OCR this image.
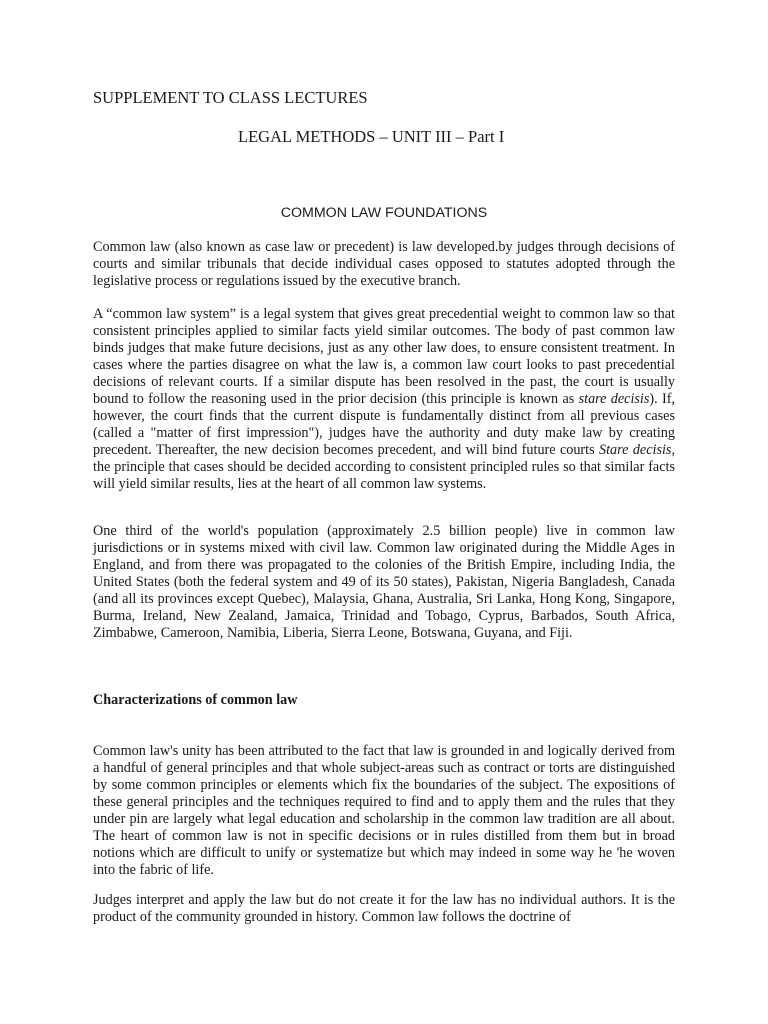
SUPPLEMENT TO CLASS LECTURES

LEGAL METHODS – UNIT III – Part I

COMMON LAW FOUNDATIONS

Common law (also known as case law or precedent) is law developed.by judges through decisions of courts and similar tribunals that decide individual cases opposed to statutes adopted through the legislative process or regulations issued by the executive branch.

A “common law system” is a legal system that gives great precedential weight to common law so that consistent principles applied to similar facts yield similar outcomes. The body of past common law binds judges that make future decisions, just as any other law does, to ensure consistent treatment. In cases where the parties disagree on what the law is, a common law court looks to past precedential decisions of relevant courts. If a similar dispute has been resolved in the past, the court is usually bound to follow the reasoning used in the prior decision (this principle is known as stare decisis). If, however, the court finds that the current dispute is fundamentally distinct from all previous cases (called a "matter of first impression"), judges have the authority and duty make law by creating precedent. Thereafter, the new decision becomes precedent, and will bind future courts Stare decisis, the principle that cases should be decided according to consistent principled rules so that similar facts will yield similar results, lies at the heart of all common law systems.

One third of the world's population (approximately 2.5 billion people) live in common law jurisdictions or in systems mixed with civil law. Common law originated during the Middle Ages in England, and from there was propagated to the colonies of the British Empire, including India, the United States (both the federal system and 49 of its 50 states), Pakistan, Nigeria Bangladesh, Canada (and all its provinces except Quebec), Malaysia, Ghana, Australia, Sri Lanka, Hong Kong, Singapore, Burma, Ireland, New Zealand, Jamaica, Trinidad and Tobago, Cyprus, Barbados, South Africa, Zimbabwe, Cameroon, Namibia, Liberia, Sierra Leone, Botswana, Guyana, and Fiji.

Characterizations of common law

Common law's unity has been attributed to the fact that law is grounded in and logically derived from a handful of general principles and that whole subject-areas such as contract or torts are distinguished by some common principles or elements which fix the boundaries of the subject. The expositions of these general principles and the techniques required to find and to apply them and the rules that they under pin are largely what legal education and scholarship in the common law tradition are all about. The heart of common law is not in specific decisions or in rules distilled from them but in broad notions which are difficult to unify or systematize but which may indeed in some way he 'he woven into the fabric of life.

Judges interpret and apply the law but do not create it for the law has no individual authors. It is the product of the community grounded in history. Common law follows the doctrine of
